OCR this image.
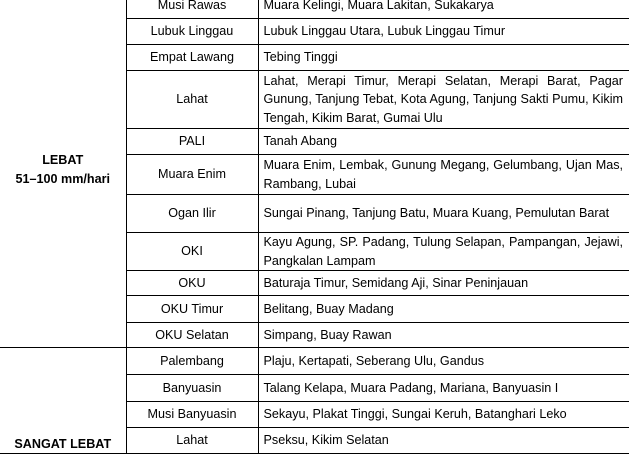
LEBAT
51–100 mm/hari	Musi Rawas	Muara Kelingi, Muara Lakitan, Sukakarya
	Lubuk Linggau	Lubuk Linggau Utara, Lubuk Linggau Timur
	Empat Lawang	Tebing Tinggi
	Lahat	Lahat, Merapi Timur, Merapi Selatan, Merapi Barat, Pagar Gunung, Tanjung Tebat, Kota Agung, Tanjung Sakti Pumu, Kikim Tengah, Kikim Barat, Gumai Ulu
	PALI	Tanah Abang
	Muara Enim	Muara Enim, Lembak, Gunung Megang, Gelumbang, Ujan Mas, Rambang, Lubai
	Ogan Ilir	Sungai Pinang, Tanjung Batu, Muara Kuang, Pemulutan Barat
	OKI	Kayu Agung, SP. Padang, Tulung Selapan, Pampangan, Jejawi, Pangkalan Lampam
	OKU	Baturaja Timur, Semidang Aji, Sinar Peninjauan
	OKU Timur	Belitang, Buay Madang
	OKU Selatan	Simpang, Buay Rawan

SANGAT LEBAT	Palembang	Plaju, Kertapati, Seberang Ulu, Gandus
	Banyuasin	Talang Kelapa, Muara Padang, Mariana, Banyuasin I
	Musi Banyuasin	Sekayu, Plakat Tinggi, Sungai Keruh, Batanghari Leko
	Lahat	Pseksu, Kikim Selatan
